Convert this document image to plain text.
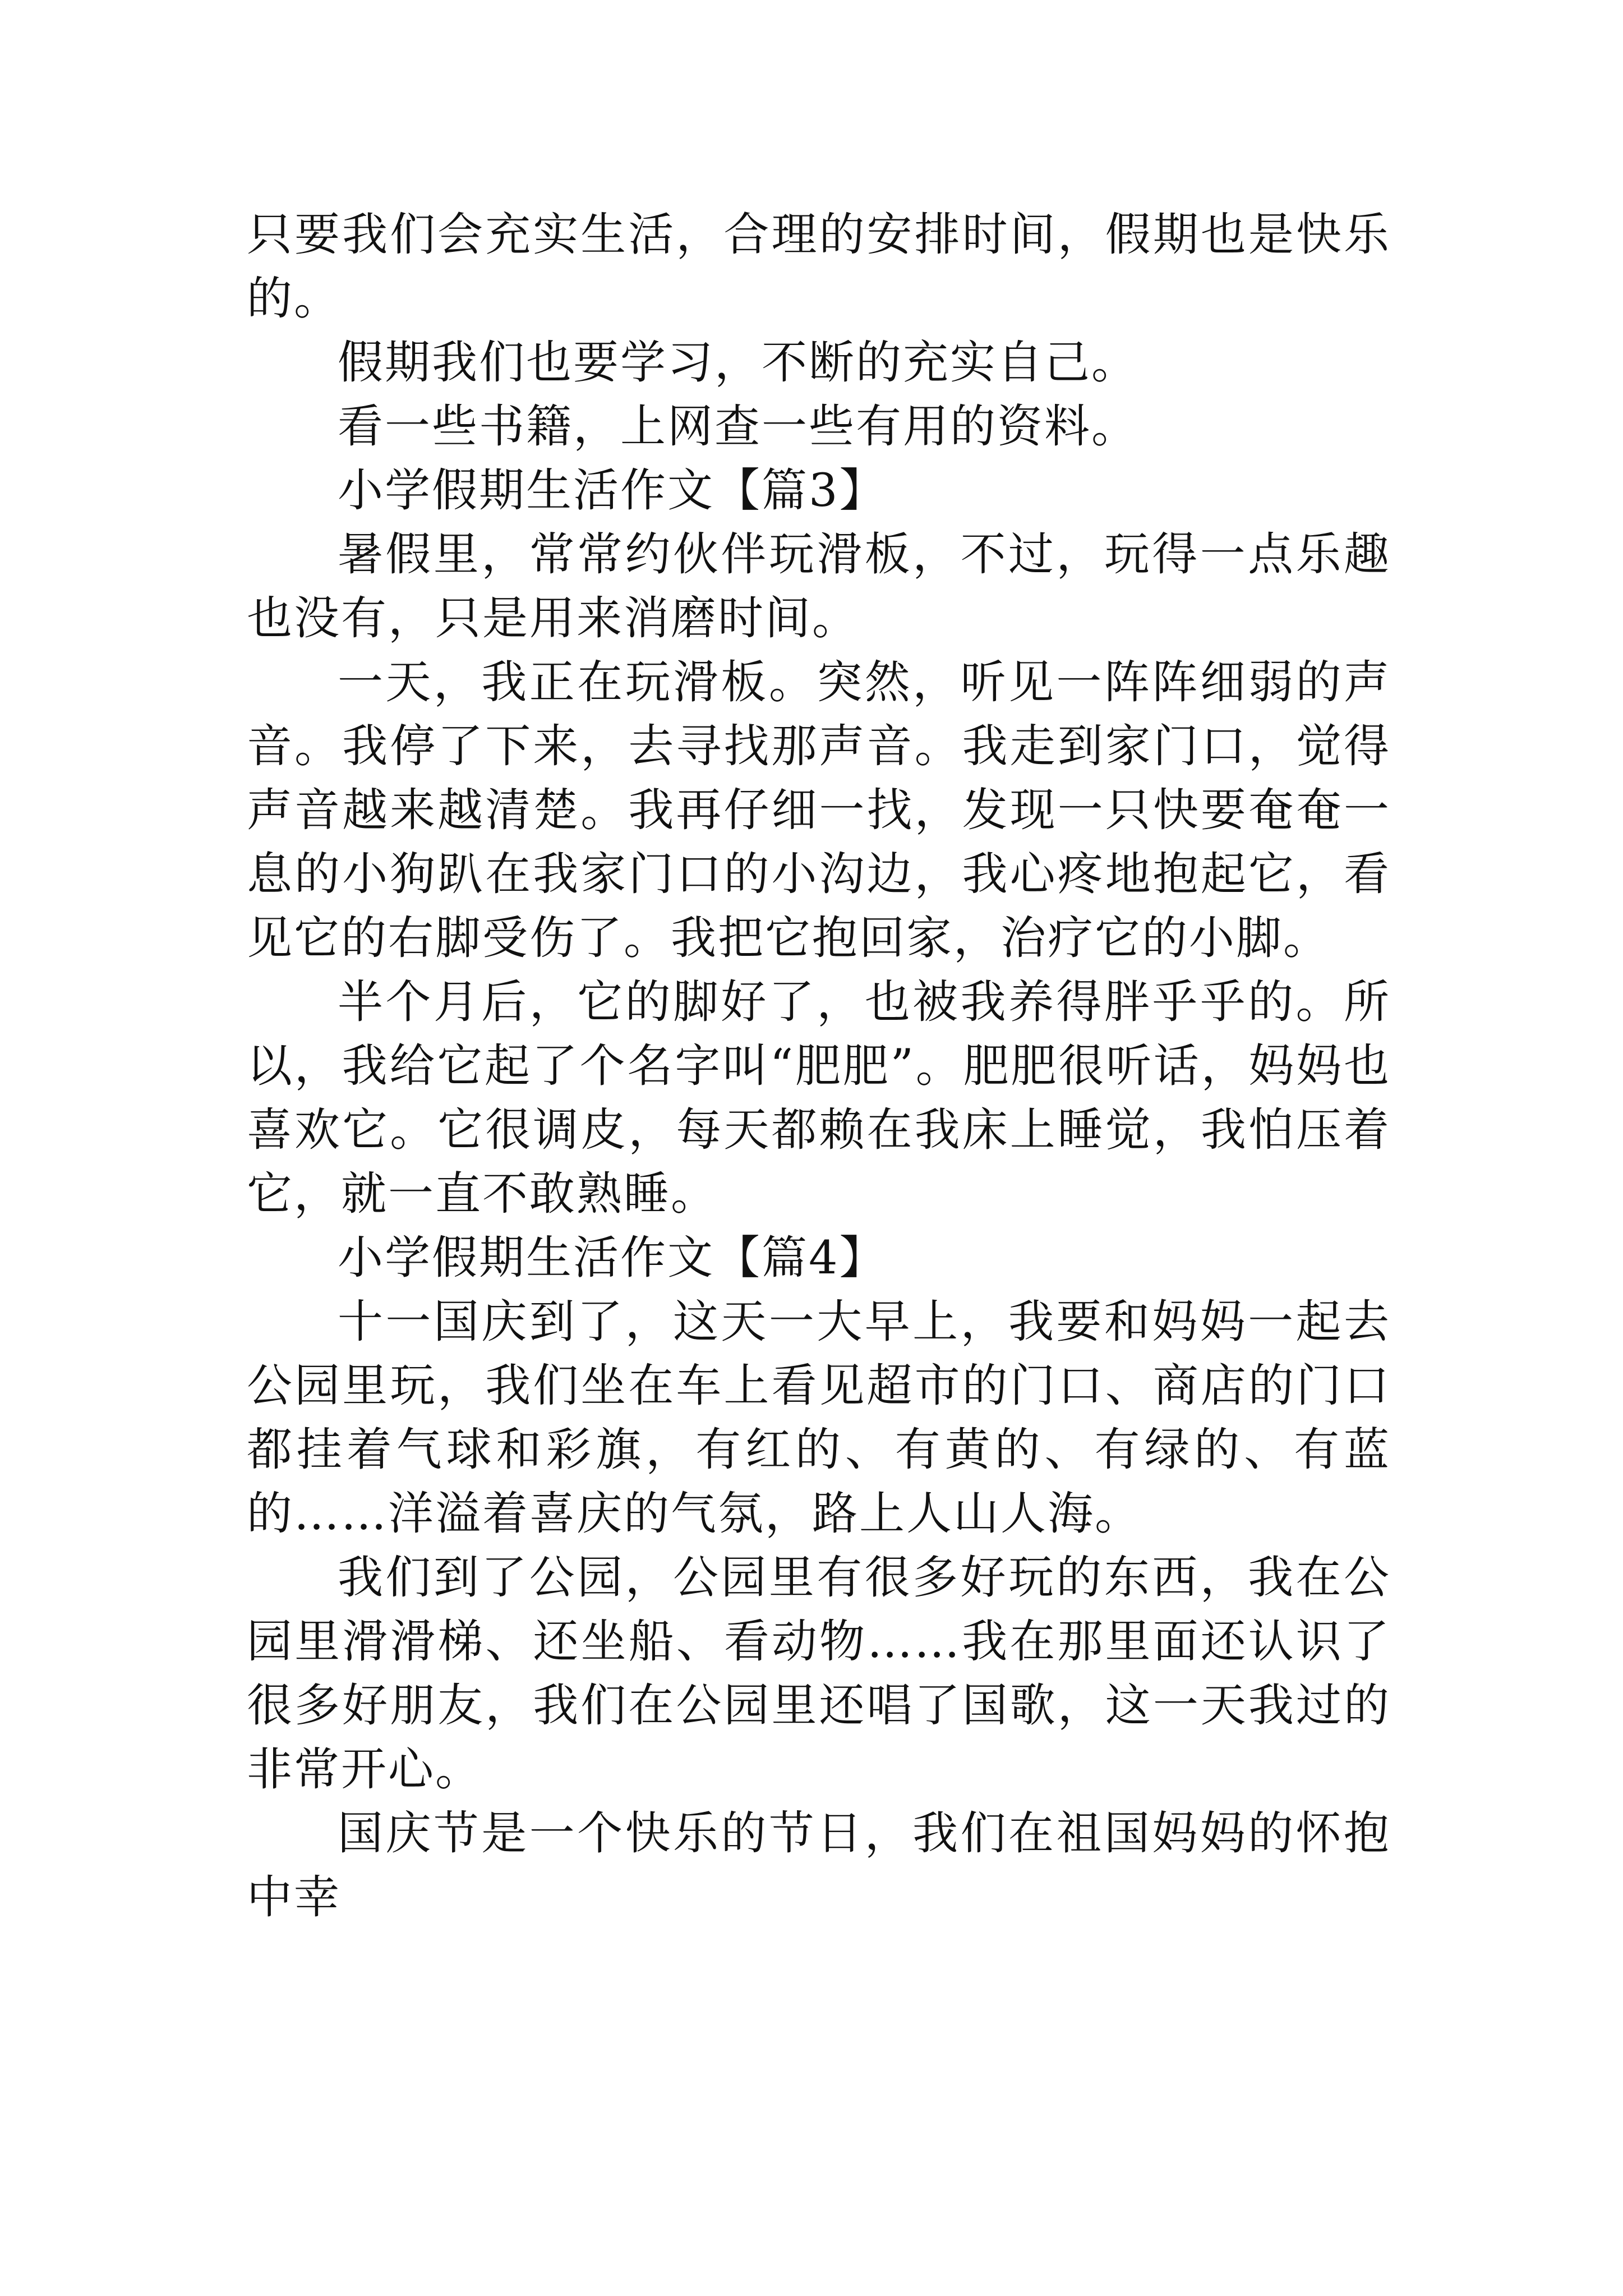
只要我们会充实生活，合理的安排时间，假期也是快乐的。

假期我们也要学习，不断的充实自己。

看一些书籍，上网查一些有用的资料。

小学假期生活作文【篇3】

暑假里，常常约伙伴玩滑板，不过，玩得一点乐趣也没有，只是用来消磨时间。

一天，我正在玩滑板。突然，听见一阵阵细弱的声音。我停了下来，去寻找那声音。我走到家门口，觉得声音越来越清楚。我再仔细一找，发现一只快要奄奄一息的小狗趴在我家门口的小沟边，我心疼地抱起它，看见它的右脚受伤了。我把它抱回家，治疗它的小脚。

半个月后，它的脚好了，也被我养得胖乎乎的。所以，我给它起了个名字叫“肥肥”。肥肥很听话，妈妈也喜欢它。它很调皮，每天都赖在我床上睡觉，我怕压着它，就一直不敢熟睡。

小学假期生活作文【篇4】

十一国庆到了，这天一大早上，我要和妈妈一起去公园里玩，我们坐在车上看见超市的门口、商店的门口都挂着气球和彩旗，有红的、有黄的、有绿的、有蓝的……洋溢着喜庆的气氛，路上人山人海。

我们到了公园，公园里有很多好玩的东西，我在公园里滑滑梯、还坐船、看动物……我在那里面还认识了很多好朋友，我们在公园里还唱了国歌，这一天我过的非常开心。

国庆节是一个快乐的节日，我们在祖国妈妈的怀抱中幸
